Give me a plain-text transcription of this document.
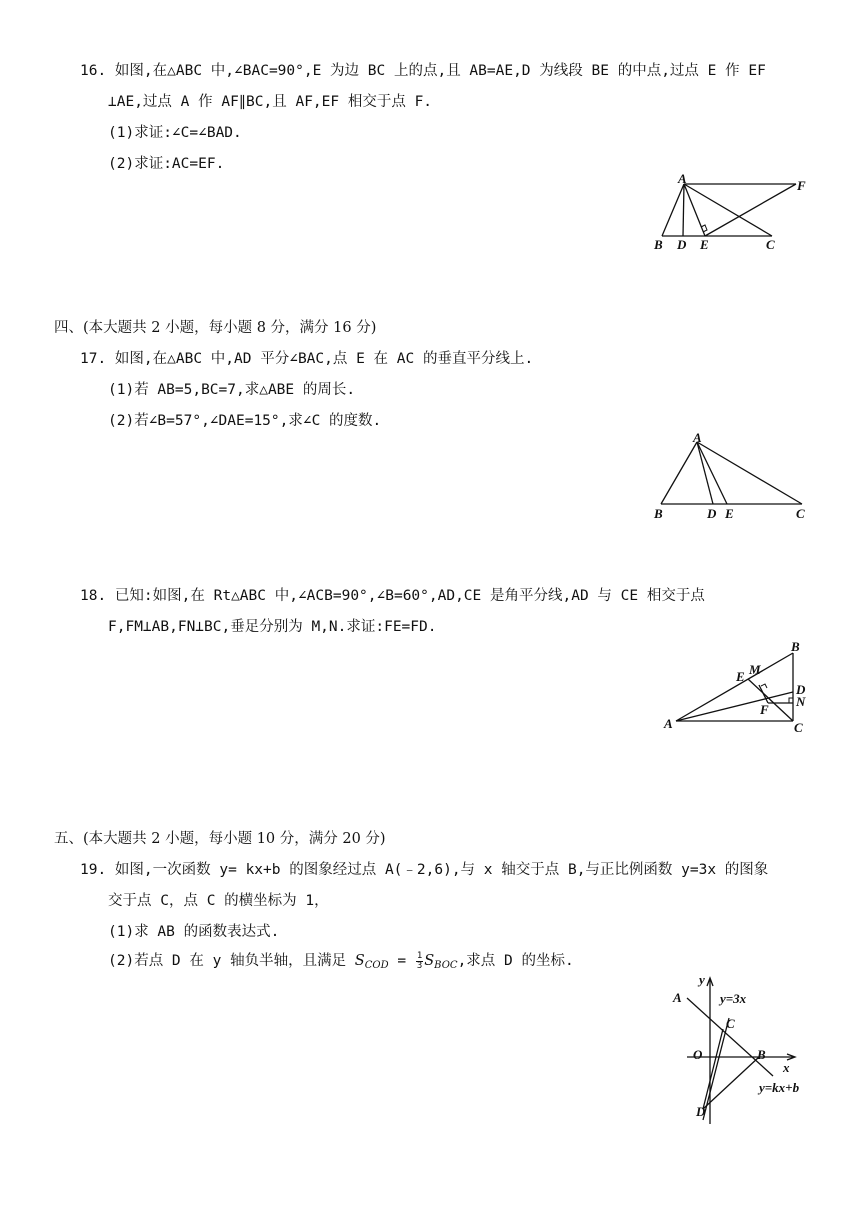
16. 如图,在△ABC 中,∠BAC=90°,E 为边 BC 上的点,且 AB=AE,D 为线段 BE 的中点,过点 E 作 EF
⊥AE,过点 A 作 AF∥BC,且 AF,EF 相交于点 F.
(1)求证:∠C=∠BAD.
(2)求证:AC=EF.
A	F
B D E	C
四、(本大题共 2 小题，每小题 8 分，满分 16 分)
17. 如图,在△ABC 中,AD 平分∠BAC,点 E 在 AC 的垂直平分线上.
(1)若 AB=5,BC=7,求△ABE 的周长.
(2)若∠B=57°,∠DAE=15°,求∠C 的度数.
A
B	D E	C
18. 已知:如图,在 Rt△ABC 中,∠ACB=90°,∠B=60°,AD,CE 是角平分线,AD 与 CE 相交于点
F,FM⊥AB,FN⊥BC,垂足分别为 M,N.求证:FE=FD.
B
M
E
D
N
F
A	C
五、(本大题共 2 小题，每小题 10 分，满分 20 分)
19. 如图,一次函数 y= kx+b 的图象经过点 A(﹣2,6),与 x 轴交于点 B,与正比例函数 y=3x 的图象
交于点 C，点 C 的横坐标为 1，
(1)求 AB 的函数表达式.
(2)若点 D 在 y 轴负半轴，且满足 $S_{COD} = \frac{1}{3} S_{BOC}$,求点 D 的坐标.
y
A	y=3x
C
O	B
x
y=kx+b
D
